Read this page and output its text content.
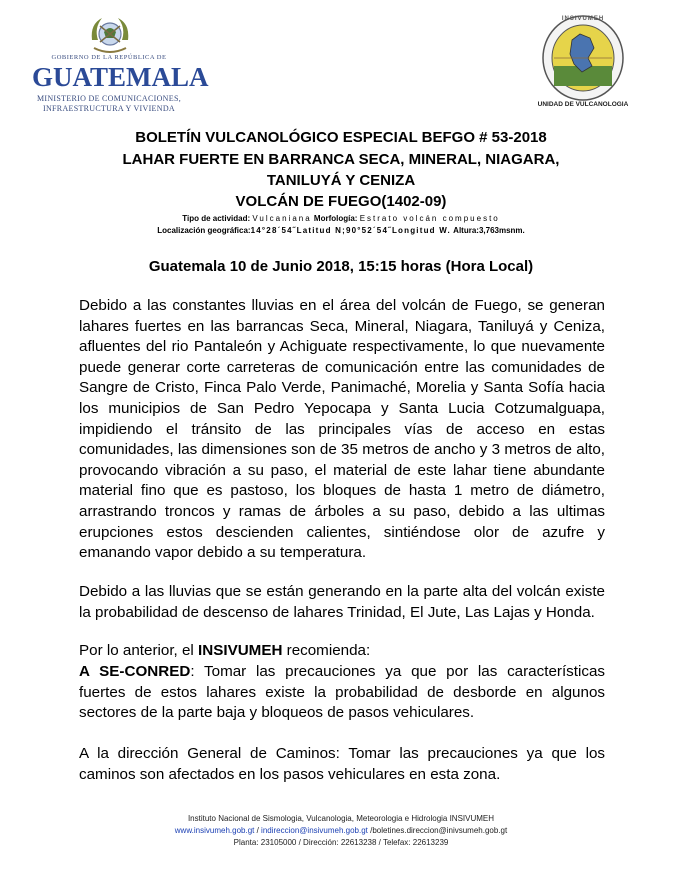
GOBIERNO DE LA REPÚBLICA DE
GUATEMALA
MINISTERIO DE COMUNICACIONES,
INFRAESTRUCTURA Y VIVIENDA
INSIVUMEH
UNIDAD DE VULCANOLOGIA
BOLETÍN VULCANOLÓGICO ESPECIAL BEFGO # 53-2018
LAHAR FUERTE EN BARRANCA SECA, MINERAL, NIAGARA,
TANILUYÁ Y CENIZA
VOLCÁN DE FUEGO(1402-09)
Tipo de actividad: Vulcaniana Morfología: Estrato volcán compuesto
Localización geográfica:14°28´54˝Latitud N;90°52´54˝Longitud W. Altura:3,763msnm.
Guatemala 10 de Junio 2018, 15:15 horas (Hora Local)
Debido a las constantes lluvias en el área del volcán de Fuego, se generan lahares fuertes en las barrancas Seca, Mineral, Niagara, Taniluyá y Ceniza, afluentes del rio Pantaleón y Achiguate respectivamente, lo que nuevamente puede generar corte carreteras de comunicación entre las comunidades de Sangre de Cristo, Finca Palo Verde, Panimaché, Morelia y Santa Sofía hacia los municipios de San Pedro Yepocapa y Santa Lucia Cotzumalguapa, impidiendo el tránsito de las principales vías de acceso en estas comunidades, las dimensiones son de 35 metros de ancho y 3 metros de alto, provocando vibración a su paso, el material de este lahar tiene abundante material fino que es pastoso, los bloques de hasta 1 metro de diámetro, arrastrando troncos y ramas de árboles a su paso, debido a las ultimas erupciones estos descienden calientes, sintiéndose olor de azufre y emanando vapor debido a su temperatura.
Debido a las lluvias que se están generando en la parte alta del volcán existe la probabilidad de descenso de lahares Trinidad, El Jute, Las Lajas y Honda.
Por lo anterior, el INSIVUMEH recomienda:
A SE-CONRED: Tomar las precauciones ya que por las características fuertes de estos lahares existe la probabilidad de desborde en algunos sectores de la parte baja y bloqueos de pasos vehiculares.
A la dirección General de Caminos: Tomar las precauciones ya que los caminos son afectados en los pasos vehiculares en esta zona.
Instituto Nacional de Sismologia, Vulcanologia, Meteorologia e Hidrologia INSIVUMEH
www.insivumeh.gob.gt / indireccion@insivumeh.gob.gt /boletines.direccion@inivsumeh.gob.gt
Planta: 23105000 / Dirección: 22613238 / Telefax: 22613239
